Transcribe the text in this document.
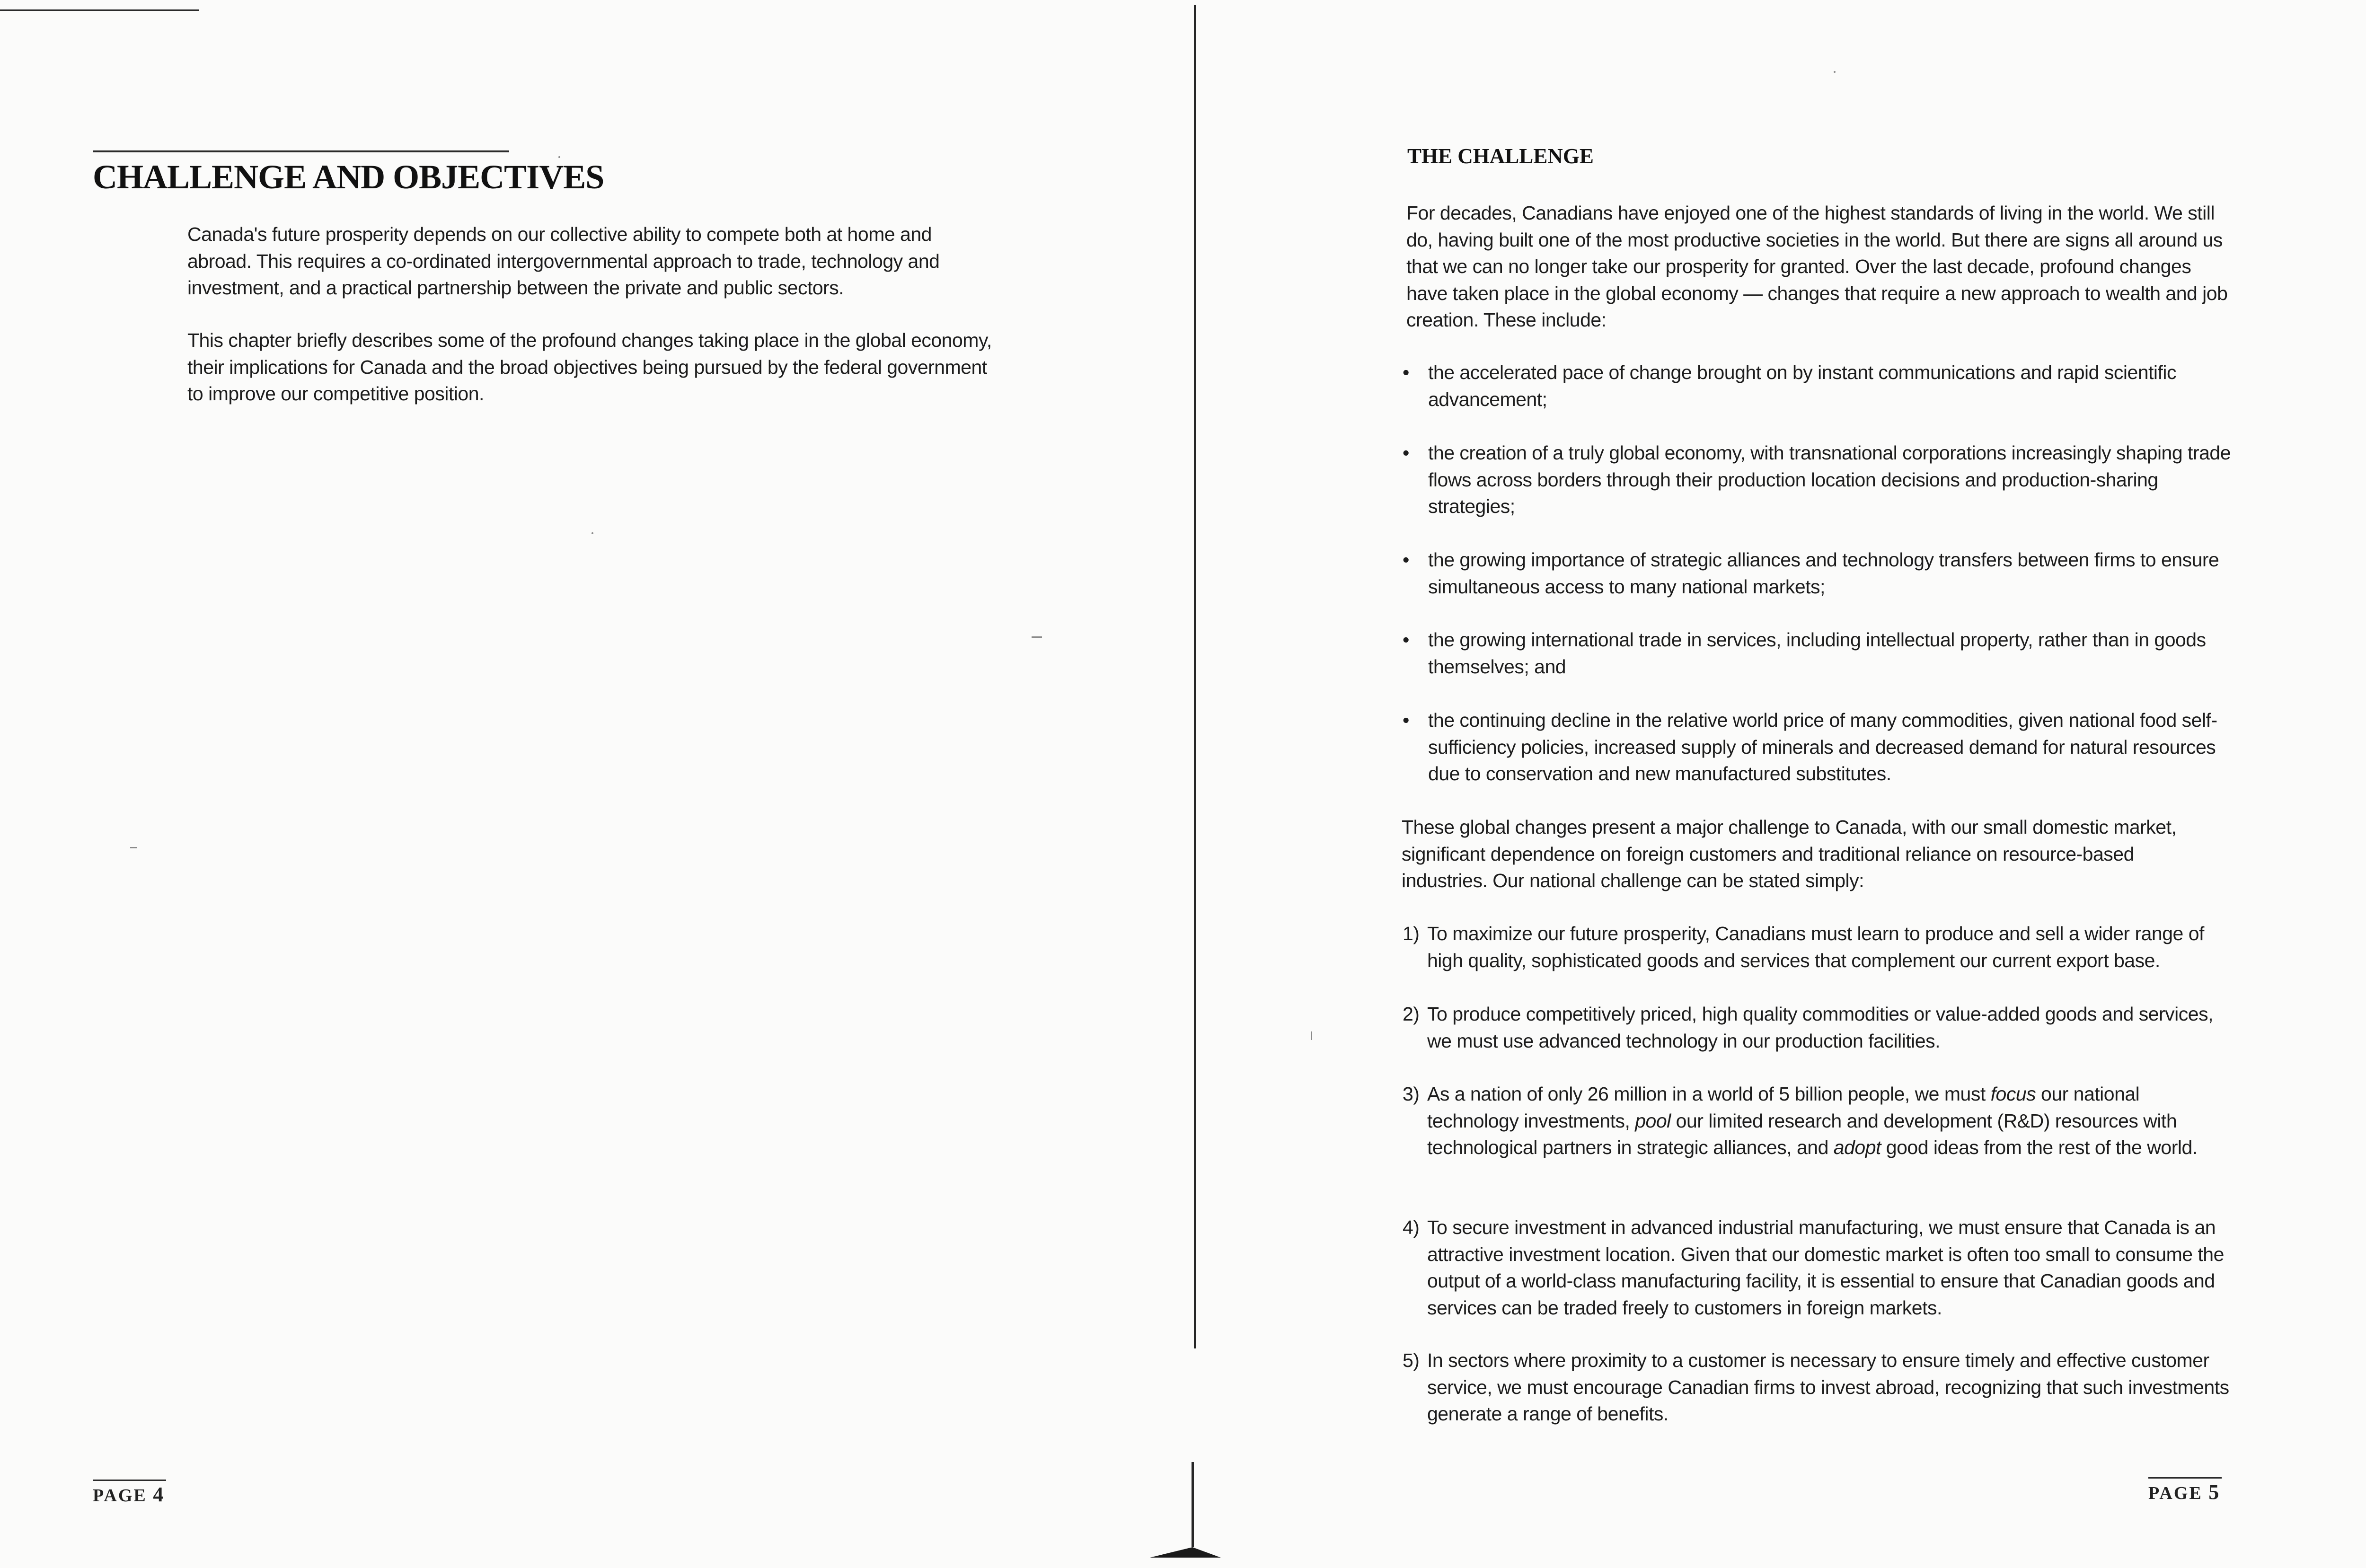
CHALLENGE AND OBJECTIVES

Canada's future prosperity depends on our collective ability to compete both at home and abroad. This requires a co-ordinated intergovernmental approach to trade, technology and investment, and a practical partnership between the private and public sectors.

This chapter briefly describes some of the profound changes taking place in the global economy, their implications for Canada and the broad objectives being pursued by the federal government to improve our competitive position.

PAGE 4
THE CHALLENGE

For decades, Canadians have enjoyed one of the highest standards of living in the world. We still do, having built one of the most productive societies in the world. But there are signs all around us that we can no longer take our prosperity for granted. Over the last decade, profound changes have taken place in the global economy — changes that require a new approach to wealth and job creation. These include:

• the accelerated pace of change brought on by instant communications and rapid scientific advancement;
• the creation of a truly global economy, with transnational corporations increasingly shaping trade flows across borders through their production location decisions and production-sharing strategies;
• the growing importance of strategic alliances and technology transfers between firms to ensure simultaneous access to many national markets;
• the growing international trade in services, including intellectual property, rather than in goods themselves; and
• the continuing decline in the relative world price of many commodities, given national food self-sufficiency policies, increased supply of minerals and decreased demand for natural resources due to conservation and new manufactured substitutes.

These global changes present a major challenge to Canada, with our small domestic market, significant dependence on foreign customers and traditional reliance on resource-based industries. Our national challenge can be stated simply:

1) To maximize our future prosperity, Canadians must learn to produce and sell a wider range of high quality, sophisticated goods and services that complement our current export base.
2) To produce competitively priced, high quality commodities or value-added goods and services, we must use advanced technology in our production facilities.
3) As a nation of only 26 million in a world of 5 billion people, we must focus our national technology investments, pool our limited research and development (R&D) resources with technological partners in strategic alliances, and adopt good ideas from the rest of the world.
4) To secure investment in advanced industrial manufacturing, we must ensure that Canada is an attractive investment location. Given that our domestic market is often too small to consume the output of a world-class manufacturing facility, it is essential to ensure that Canadian goods and services can be traded freely to customers in foreign markets.
5) In sectors where proximity to a customer is necessary to ensure timely and effective customer service, we must encourage Canadian firms to invest abroad, recognizing that such investments generate a range of benefits.
PAGE 5
